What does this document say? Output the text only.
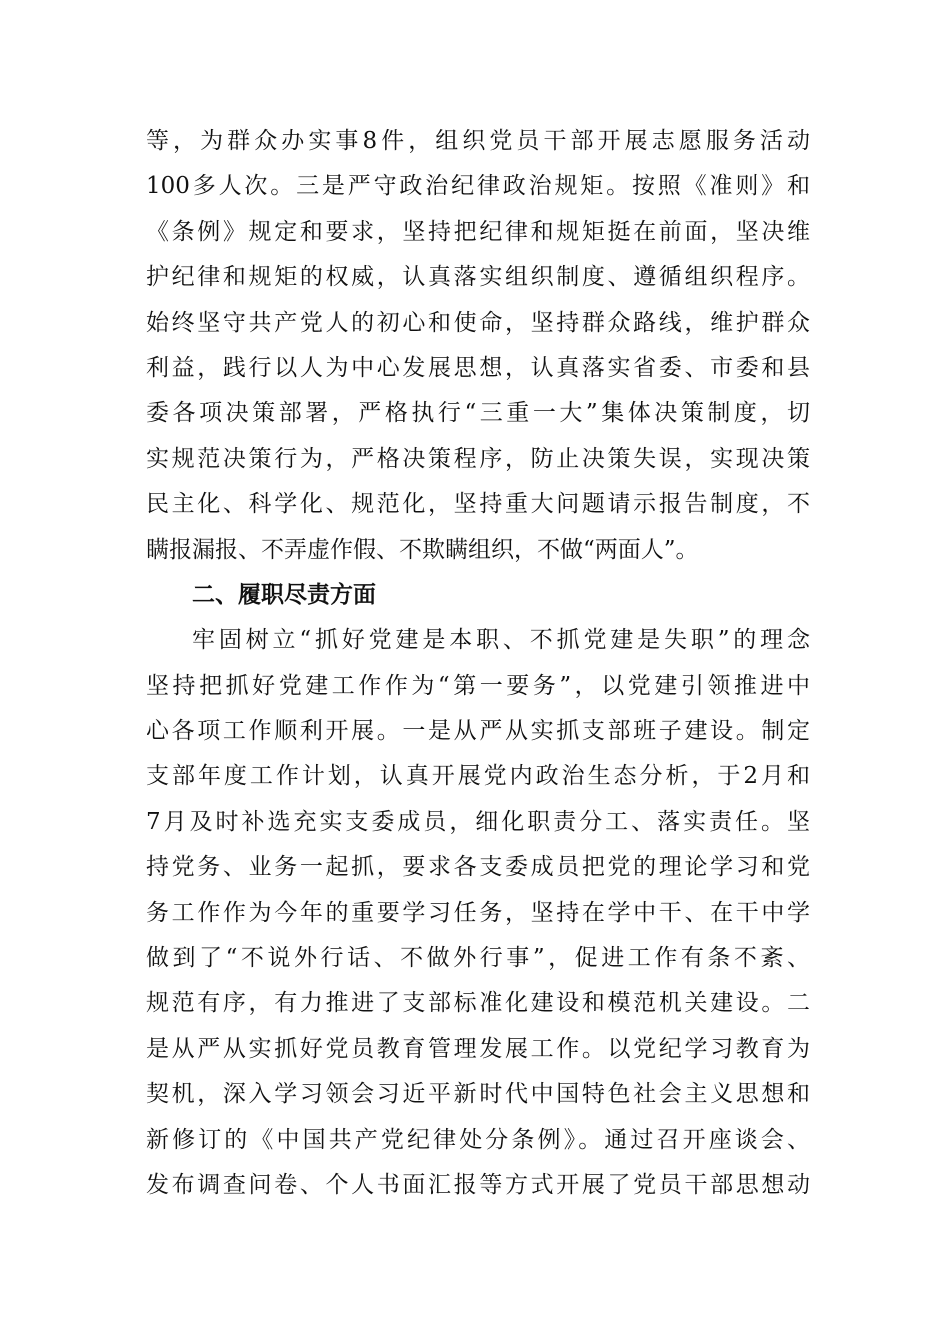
等，为群众办实事8件，组织党员干部开展志愿服务活动
100多人次。三是严守政治纪律政治规矩。按照《准则》和
《条例》规定和要求，坚持把纪律和规矩挺在前面，坚决维
护纪律和规矩的权威，认真落实组织制度、遵循组织程序。
始终坚守共产党人的初心和使命，坚持群众路线，维护群众
利益，践行以人为中心发展思想，认真落实省委、市委和县
委各项决策部署，严格执行“三重一大”集体决策制度，切
实规范决策行为，严格决策程序，防止决策失误，实现决策
民主化、科学化、规范化，坚持重大问题请示报告制度，不
瞒报漏报、不弄虚作假、不欺瞒组织，不做“两面人”。
二、履职尽责方面
牢固树立“抓好党建是本职、不抓党建是失职”的理念
坚持把抓好党建工作作为“第一要务”，以党建引领推进中
心各项工作顺利开展。一是从严从实抓支部班子建设。制定
支部年度工作计划，认真开展党内政治生态分析，于2月和
7月及时补选充实支委成员，细化职责分工、落实责任。坚
持党务、业务一起抓，要求各支委成员把党的理论学习和党
务工作作为今年的重要学习任务，坚持在学中干、在干中学
做到了“不说外行话、不做外行事”，促进工作有条不紊、
规范有序，有力推进了支部标准化建设和模范机关建设。二
是从严从实抓好党员教育管理发展工作。以党纪学习教育为
契机，深入学习领会习近平新时代中国特色社会主义思想和
新修订的《中国共产党纪律处分条例》。通过召开座谈会、
发布调查问卷、个人书面汇报等方式开展了党员干部思想动
